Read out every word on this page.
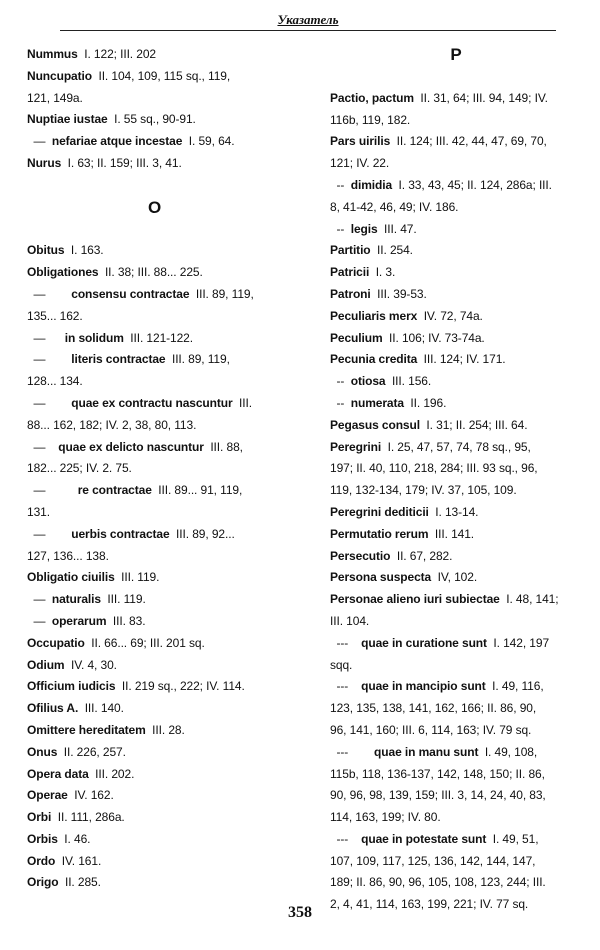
Указатель
Nummus  I. 122; III. 202
Nuncupatio  II. 104, 109, 115 sq., 119,
121, 149a.
Nuptiae iustae  I. 55 sq., 90-91.
—  nefariae atque incestae  I. 59, 64.
Nurus  I. 63; II. 159; III. 3, 41.

O

Obitus  I. 163.
Obligationes  II. 38; III. 88... 225.
—        consensu contractae  III. 89, 119,
135... 162.
—      in solidum  III. 121-122.
—        literis contractae  III. 89, 119,
128... 134.
—        quae ex contractu nascuntur  III.
88... 162, 182; IV. 2, 38, 80, 113.
—    quae ex delicto nascuntur  III. 88,
182... 225; IV. 2. 75.
—          re contractae  III. 89... 91, 119,
131.
—        uerbis contractae  III. 89, 92...
127, 136... 138.
Obligatio ciuilis  III. 119.
—  naturalis  III. 119.
—  operarum  III. 83.
Occupatio  II. 66... 69; III. 201 sq.
Odium  IV. 4, 30.
Officium iudicis  II. 219 sq., 222; IV. 114.
Ofilius A.  III. 140.
Omittere hereditatem  III. 28.
Onus  II. 226, 257.
Opera data  III. 202.
Operae  IV. 162.
Orbi  II. 111, 286a.
Orbis  I. 46.
Ordo  IV. 161.
Origo  II. 285.
P

Pactio, pactum  II. 31, 64; III. 94, 149; IV.
116b, 119, 182.
Pars uirilis  II. 124; III. 42, 44, 47, 69, 70,
121; IV. 22.
--  dimidia  I. 33, 43, 45; II. 124, 286a; III.
8, 41-42, 46, 49; IV. 186.
--  legis  III. 47.
Partitio  II. 254.
Patricii  I. 3.
Patroni  III. 39-53.
Peculiaris merx  IV. 72, 74a.
Peculium  II. 106; IV. 73-74a.
Pecunia credita  III. 124; IV. 171.
--  otiosa  III. 156.
--  numerata  II. 196.
Pegasus consul  I. 31; II. 254; III. 64.
Peregrini  I. 25, 47, 57, 74, 78 sq., 95,
197; II. 40, 110, 218, 284; III. 93 sq., 96,
119, 132-134, 179; IV. 37, 105, 109.
Peregrini dediticii  I. 13-14.
Permutatio rerum  III. 141.
Persecutio  II. 67, 282.
Persona suspecta  IV, 102.
Personae alieno iuri subiectae  I. 48, 141;
III. 104.
---    quae in curatione sunt  I. 142, 197
sqq.
---    quae in mancipio sunt  I. 49, 116,
123, 135, 138, 141, 162, 166; II. 86, 90,
96, 141, 160; III. 6, 114, 163; IV. 79 sq.
---        quae in manu sunt  I. 49, 108,
115b, 118, 136-137, 142, 148, 150; II. 86,
90, 96, 98, 139, 159; III. 3, 14, 24, 40, 83,
114, 163, 199; IV. 80.
---    quae in potestate sunt  I. 49, 51,
107, 109, 117, 125, 136, 142, 144, 147,
189; II. 86, 90, 96, 105, 108, 123, 244; III.
2, 4, 41, 114, 163, 199, 221; IV. 77 sq.
358
